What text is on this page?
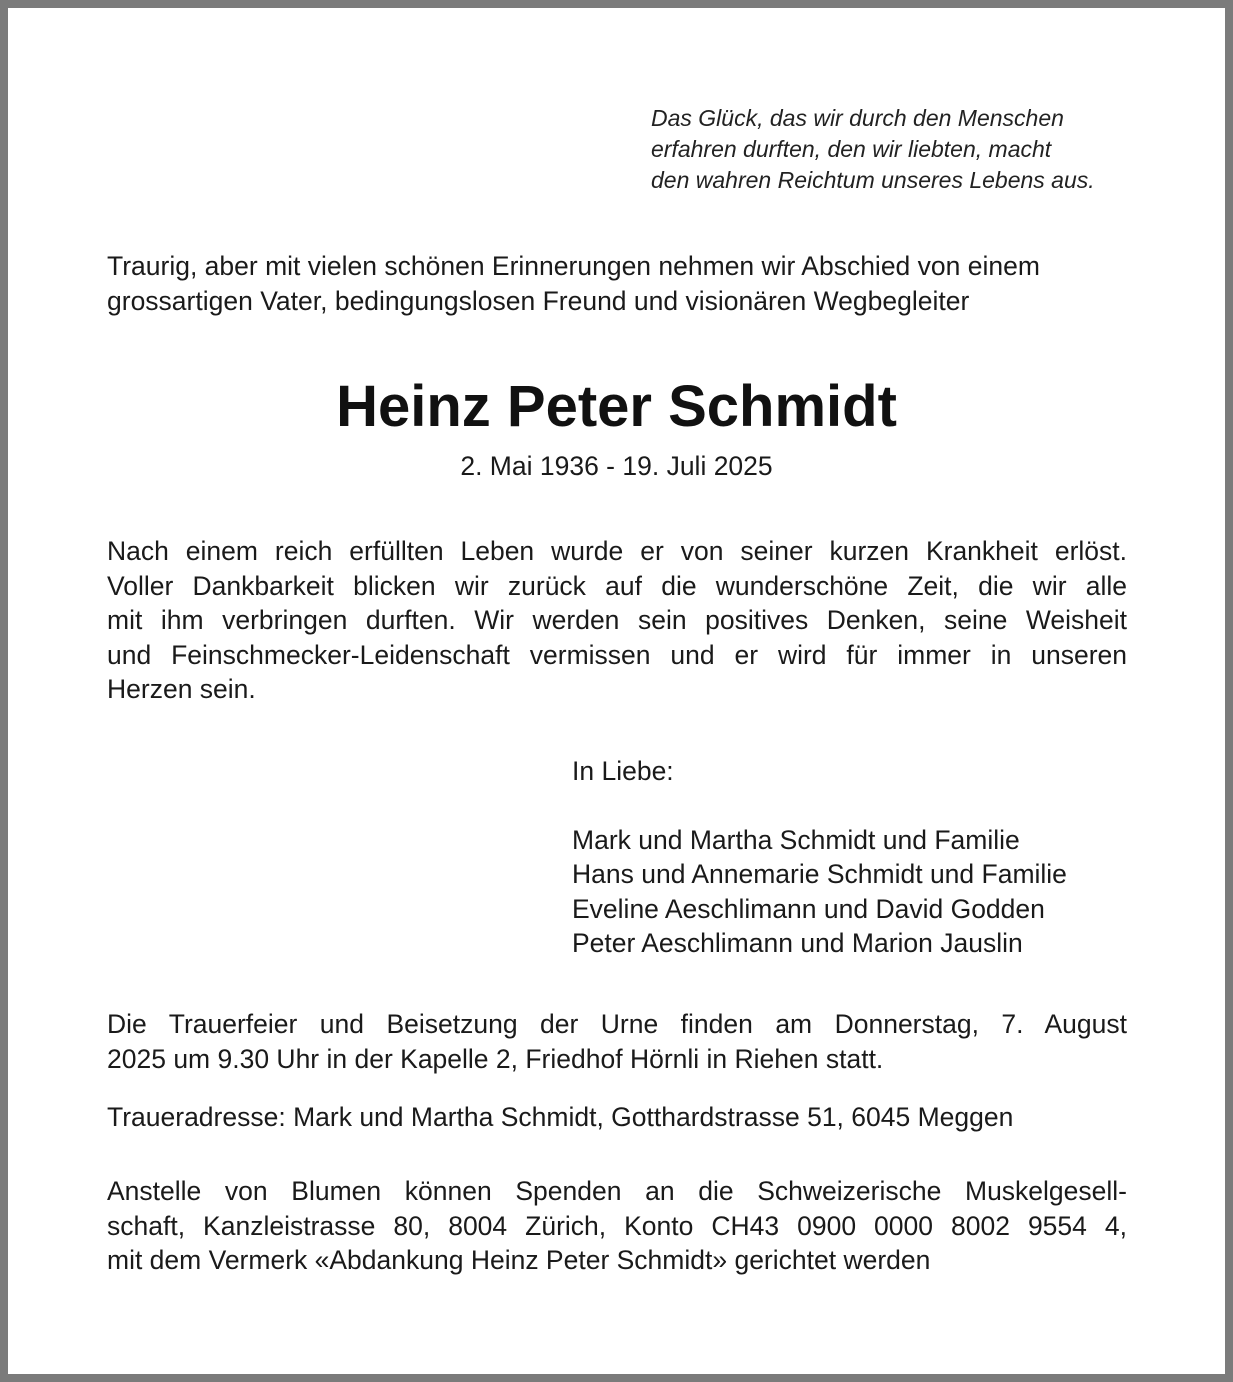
Das Glück, das wir durch den Menschen
erfahren durften, den wir liebten, macht
den wahren Reichtum unseres Lebens aus.
Traurig, aber mit vielen schönen Erinnerungen nehmen wir Abschied von einem
grossartigen Vater, bedingungslosen Freund und visionären Wegbegleiter
Heinz Peter Schmidt
2. Mai 1936 - 19. Juli 2025
Nach einem reich erfüllten Leben wurde er von seiner kurzen Krankheit erlöst.
Voller Dankbarkeit blicken wir zurück auf die wunderschöne Zeit, die wir alle
mit ihm verbringen durften. Wir werden sein positives Denken, seine Weisheit
und Feinschmecker-Leidenschaft vermissen und er wird für immer in unseren
Herzen sein.
In Liebe:
Mark und Martha Schmidt und Familie
Hans und Annemarie Schmidt und Familie
Eveline Aeschlimann und David Godden
Peter Aeschlimann und Marion Jauslin
Die Trauerfeier und Beisetzung der Urne finden am Donnerstag, 7. August
2025 um 9.30 Uhr in der Kapelle 2, Friedhof Hörnli in Riehen statt.
Traueradresse: Mark und Martha Schmidt, Gotthardstrasse 51, 6045 Meggen
Anstelle von Blumen können Spenden an die Schweizerische Muskelgesell-
schaft, Kanzleistrasse 80, 8004 Zürich, Konto CH43 0900 0000 8002 9554 4,
mit dem Vermerk «Abdankung Heinz Peter Schmidt» gerichtet werden
